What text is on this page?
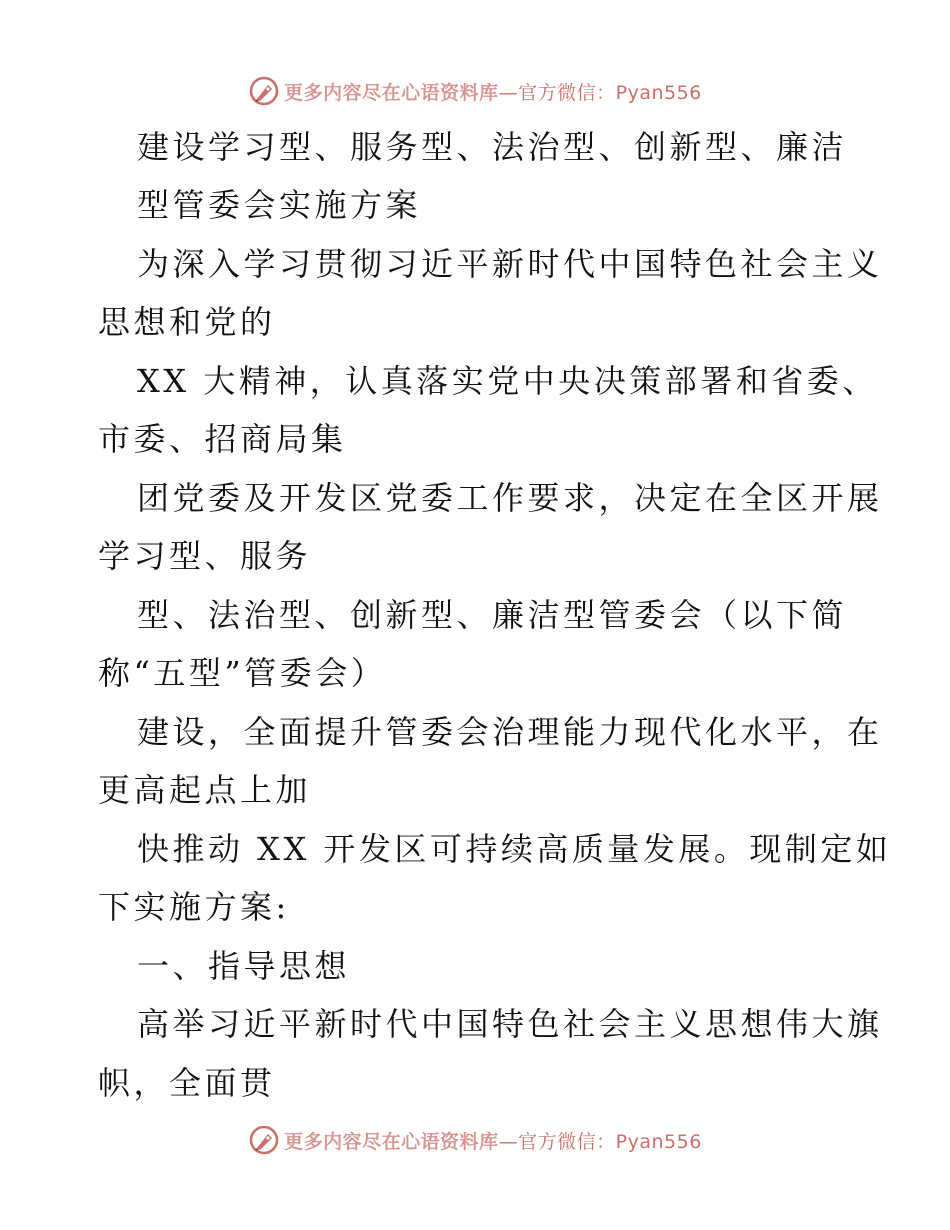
更多内容尽在心语资料库—官方微信：Pyan556
建设学习型、服务型、法治型、创新型、廉洁
型管委会实施方案
为深入学习贯彻习近平新时代中国特色社会主义
思想和党的
XX 大精神，认真落实党中央决策部署和省委、
市委、招商局集
团党委及开发区党委工作要求，决定在全区开展
学习型、服务
型、法治型、创新型、廉洁型管委会（以下简
称“五型”管委会）
建设，全面提升管委会治理能力现代化水平，在
更高起点上加
快推动 XX 开发区可持续高质量发展。现制定如
下实施方案:
一、指导思想
高举习近平新时代中国特色社会主义思想伟大旗
帜，全面贯
更多内容尽在心语资料库—官方微信：Pyan556
